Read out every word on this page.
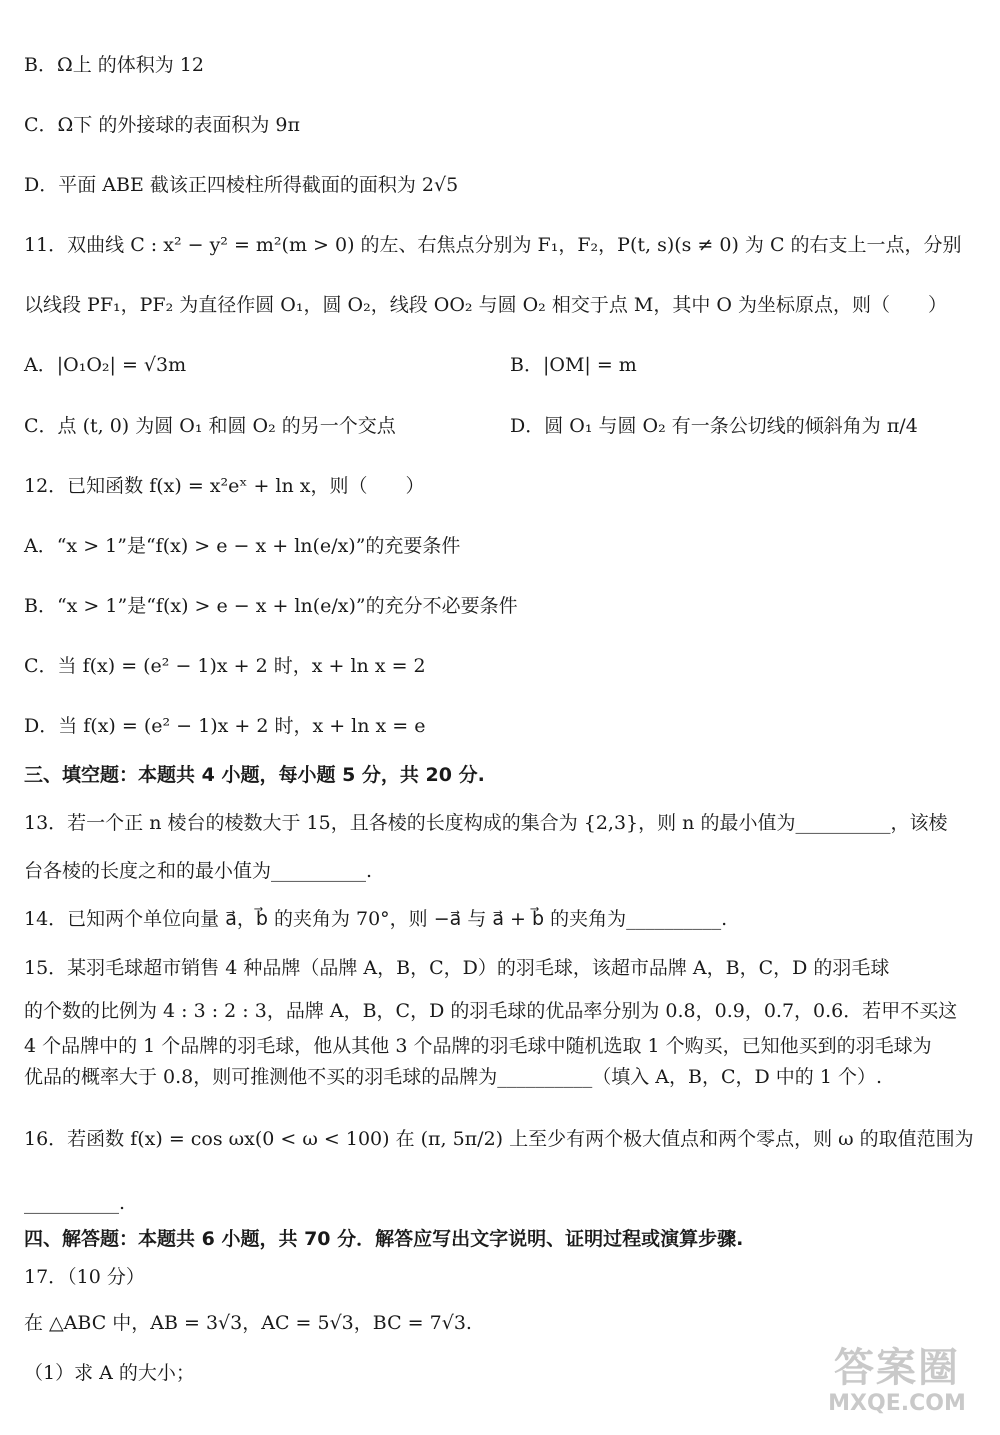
B．Ω上 的体积为 12
C．Ω下 的外接球的表面积为 9π
D．平面 ABE 截该正四棱柱所得截面的面积为 2√5
11．双曲线 C : x² − y² = m²(m > 0) 的左、右焦点分别为 F₁，F₂，P(t, s)(s ≠ 0) 为 C 的右支上一点，分别
以线段 PF₁，PF₂ 为直径作圆 O₁，圆 O₂，线段 OO₂ 与圆 O₂ 相交于点 M，其中 O 为坐标原点，则（　　）
A．|O₁O₂| = √3m	B．|OM| = m
C．点 (t, 0) 为圆 O₁ 和圆 O₂ 的另一个交点	D．圆 O₁ 与圆 O₂ 有一条公切线的倾斜角为 π/4
12．已知函数 f(x) = x²eˣ + ln x，则（　　）
A．“x > 1”是“f(x) > e − x + ln(e/x)”的充要条件
B．“x > 1”是“f(x) > e − x + ln(e/x)”的充分不必要条件
C．当 f(x) = (e² − 1)x + 2 时，x + ln x = 2
D．当 f(x) = (e² − 1)x + 2 时，x + ln x = e
三、填空题：本题共 4 小题，每小题 5 分，共 20 分.
13．若一个正 n 棱台的棱数大于 15，且各棱的长度构成的集合为 {2,3}，则 n 的最小值为__________，该棱
台各棱的长度之和的最小值为__________.
14．已知两个单位向量 a⃗，b⃗ 的夹角为 70°，则 −a⃗ 与 a⃗ + b⃗ 的夹角为__________.
15．某羽毛球超市销售 4 种品牌（品牌 A，B，C，D）的羽毛球，该超市品牌 A，B，C，D 的羽毛球
的个数的比例为 4 : 3 : 2 : 3，品牌 A，B，C，D 的羽毛球的优品率分别为 0.8，0.9，0.7，0.6．若甲不买这
4 个品牌中的 1 个品牌的羽毛球，他从其他 3 个品牌的羽毛球中随机选取 1 个购买，已知他买到的羽毛球为
优品的概率大于 0.8，则可推测他不买的羽毛球的品牌为__________（填入 A，B，C，D 中的 1 个）.
16．若函数 f(x) = cos ωx(0 < ω < 100) 在 (π, 5π/2) 上至少有两个极大值点和两个零点，则 ω 的取值范围为
__________.
四、解答题：本题共 6 小题，共 70 分．解答应写出文字说明、证明过程或演算步骤.
17．（10 分）
在 △ABC 中，AB = 3√3，AC = 5√3，BC = 7√3.
（1）求 A 的大小；	答案圈
MXQE.COM
